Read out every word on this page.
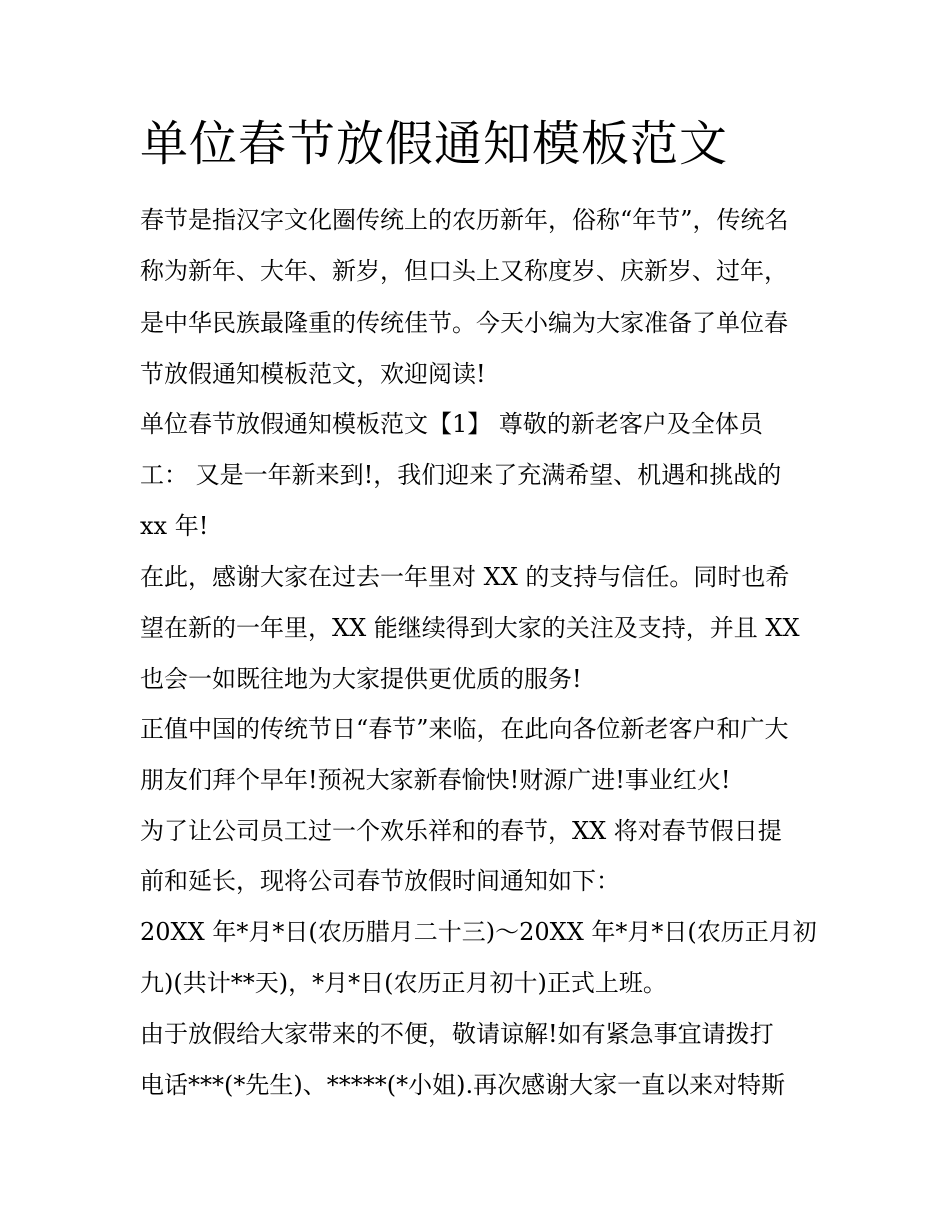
单位春节放假通知模板范文

春节是指汉字文化圈传统上的农历新年，俗称“年节”，传统名

称为新年、大年、新岁，但口头上又称度岁、庆新岁、过年，

是中华民族最隆重的传统佳节。今天小编为大家准备了单位春

节放假通知模板范文，欢迎阅读!

单位春节放假通知模板范文【1】 尊敬的新老客户及全体员

工： 又是一年新来到!，我们迎来了充满希望、机遇和挑战的

xx 年!

在此，感谢大家在过去一年里对 XX 的支持与信任。同时也希

望在新的一年里，XX 能继续得到大家的关注及支持，并且 XX

也会一如既往地为大家提供更优质的服务!

正值中国的传统节日“春节”来临，在此向各位新老客户和广大

朋友们拜个早年!预祝大家新春愉快!财源广进!事业红火!

为了让公司员工过一个欢乐祥和的春节，XX 将对春节假日提

前和延长，现将公司春节放假时间通知如下：

20XX 年*月*日(农历腊月二十三)～20XX 年*月*日(农历正月初

九)(共计**天)，*月*日(农历正月初十)正式上班。

由于放假给大家带来的不便，敬请谅解!如有紧急事宜请拨打

电话***(*先生)、*****(*小姐).再次感谢大家一直以来对特斯
